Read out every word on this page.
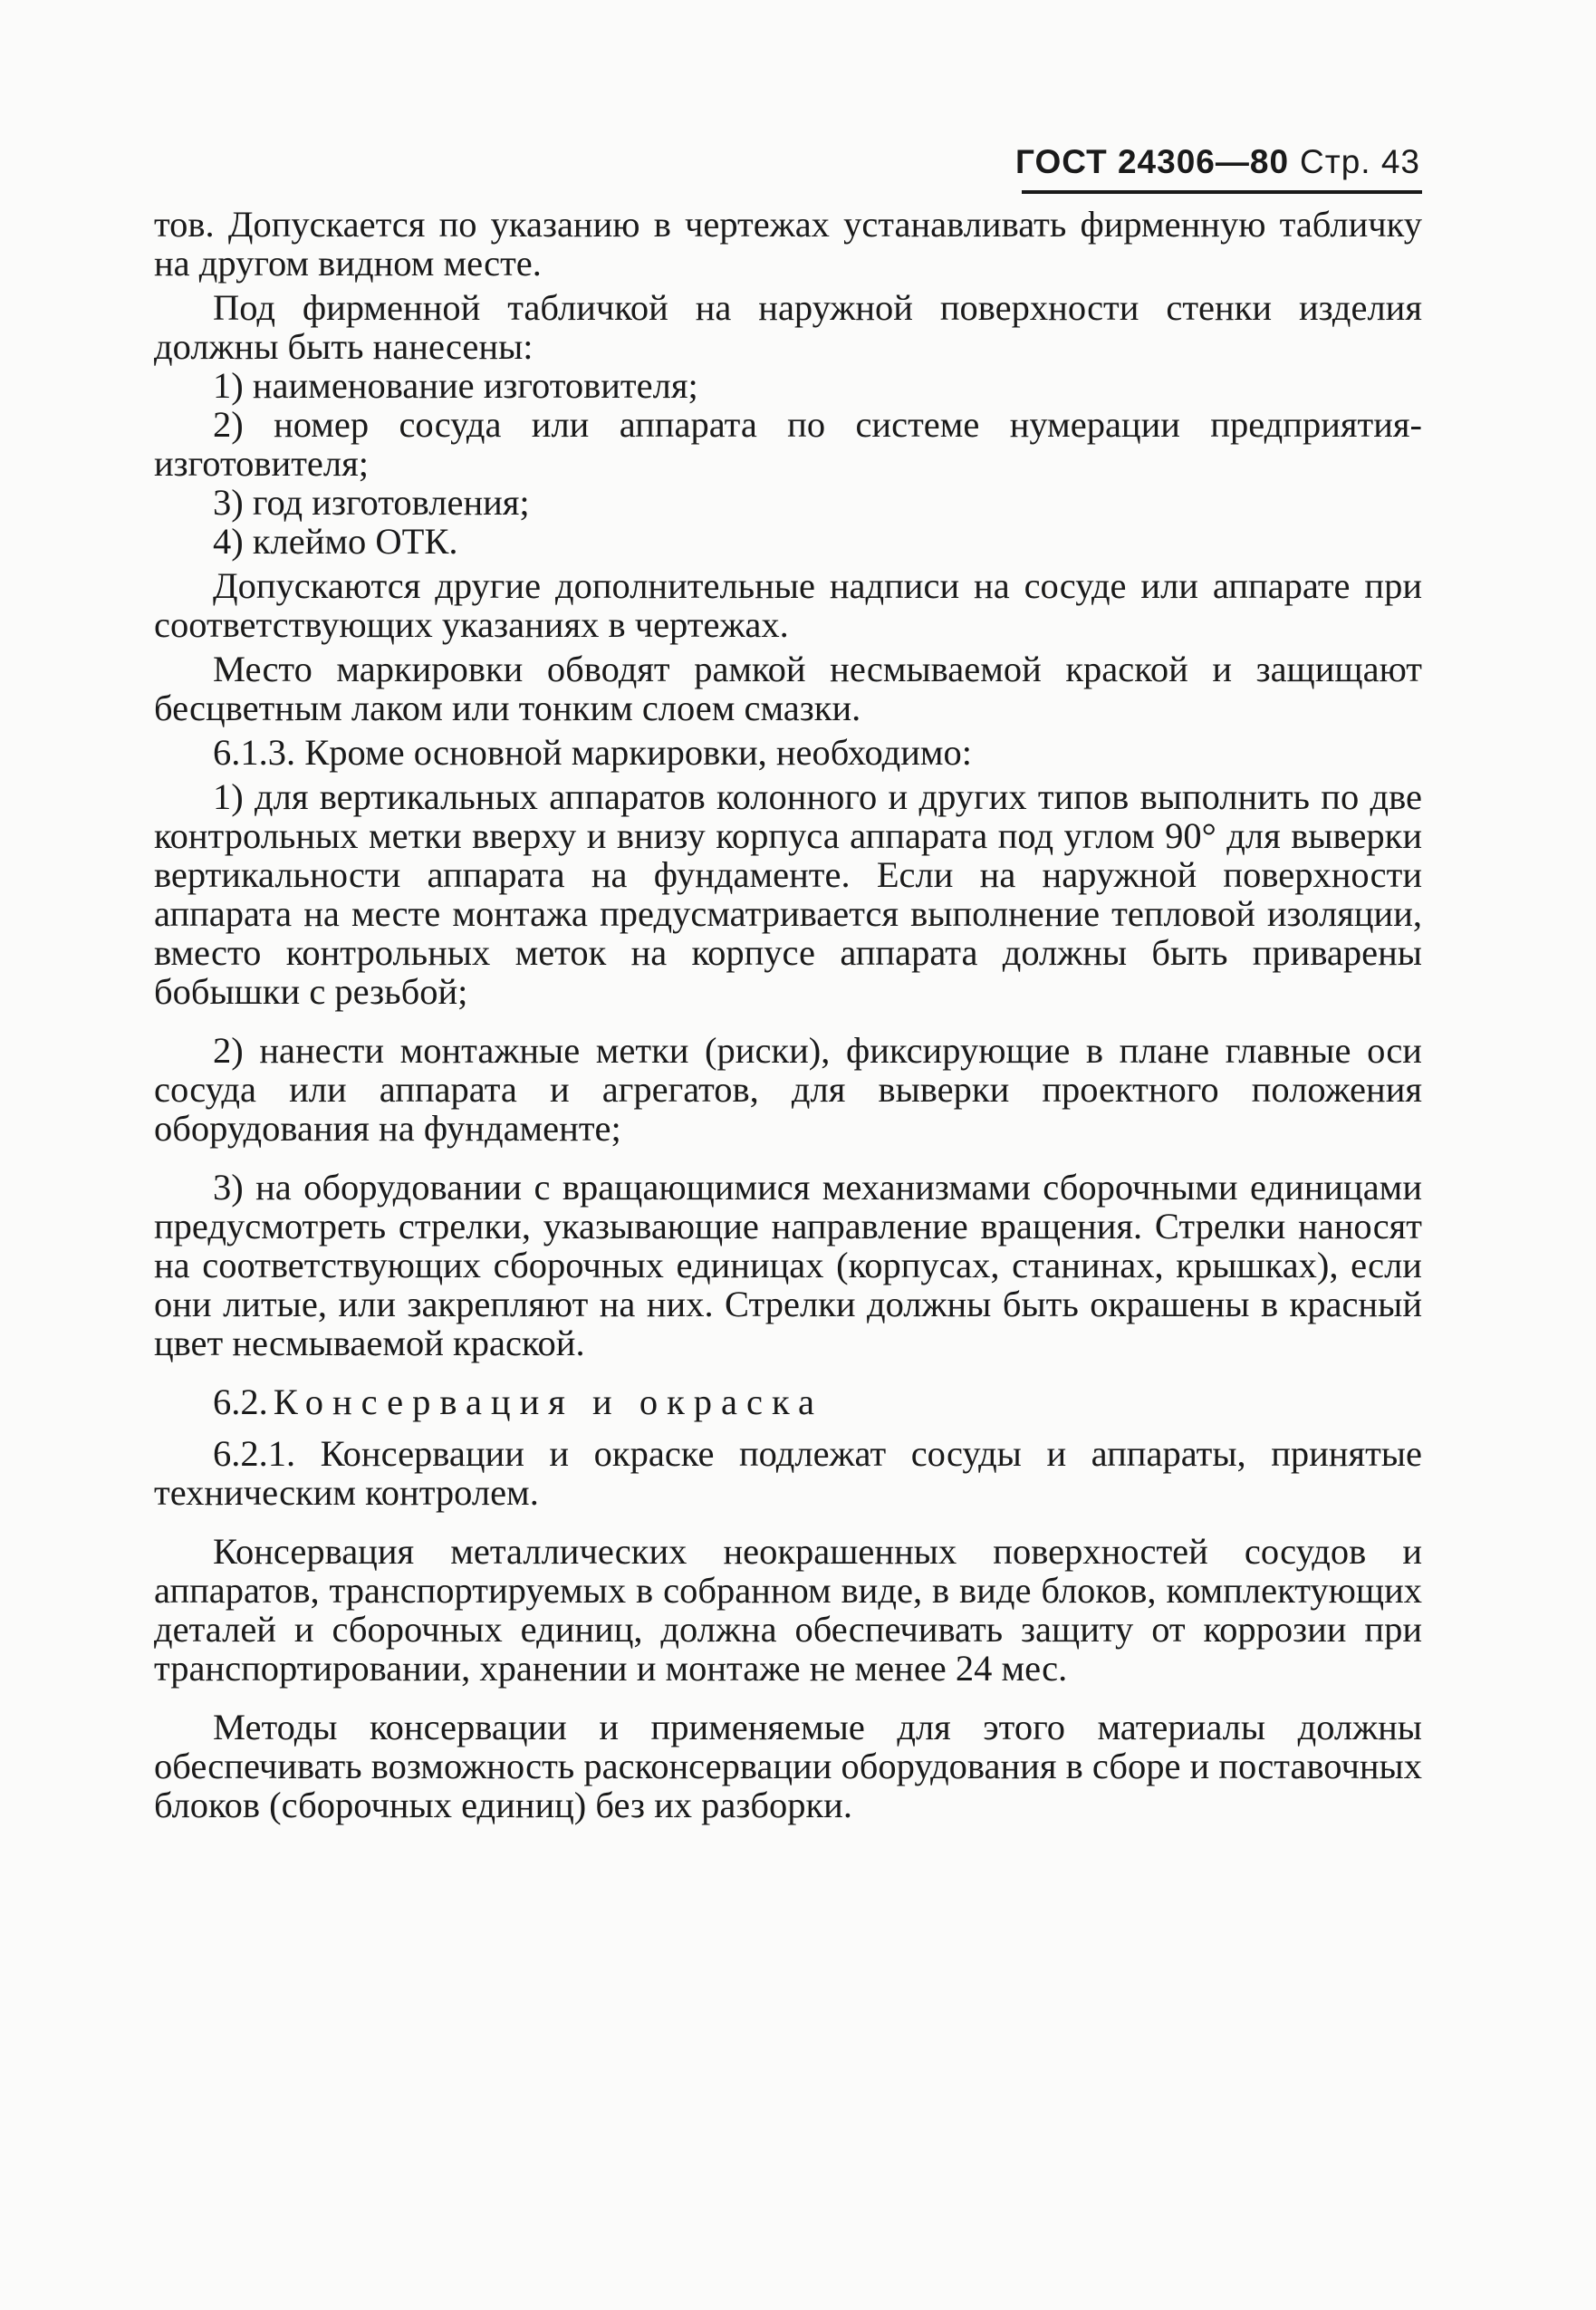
ГОСТ 24306—80 Стр. 43

тов. Допускается по указанию в чертежах устанавливать фирменную табличку на другом видном месте.

Под фирменной табличкой на наружной поверхности стенки изделия должны быть нанесены:

1) наименование изготовителя;

2) номер сосуда или аппарата по системе нумерации предприятия-изготовителя;

3) год изготовления;

4) клеймо ОТК.

Допускаются другие дополнительные надписи на сосуде или аппарате при соответствующих указаниях в чертежах.

Место маркировки обводят рамкой несмываемой краской и защищают бесцветным лаком или тонким слоем смазки.

6.1.3. Кроме основной маркировки, необходимо:

1) для вертикальных аппаратов колонного и других типов выполнить по две контрольных метки вверху и внизу корпуса аппарата под углом 90° для выверки вертикальности аппарата на фундаменте. Если на наружной поверхности аппарата на месте монтажа предусматривается выполнение тепловой изоляции, вместо контрольных меток на корпусе аппарата должны быть приварены бобышки с резьбой;

2) нанести монтажные метки (риски), фиксирующие в плане главные оси сосуда или аппарата и агрегатов, для выверки проектного положения оборудования на фундаменте;

3) на оборудовании с вращающимися механизмами сборочными единицами предусмотреть стрелки, указывающие направление вращения. Стрелки наносят на соответствующих сборочных единицах (корпусах, станинах, крышках), если они литые, или закрепляют на них. Стрелки должны быть окрашены в красный цвет несмываемой краской.

6.2. Консервация и окраска

6.2.1. Консервации и окраске подлежат сосуды и аппараты, принятые техническим контролем.

Консервация металлических неокрашенных поверхностей сосудов и аппаратов, транспортируемых в собранном виде, в виде блоков, комплектующих деталей и сборочных единиц, должна обеспечивать защиту от коррозии при транспортировании, хранении и монтаже не менее 24 мес.

Методы консервации и применяемые для этого материалы должны обеспечивать возможность расконсервации оборудования в сборе и поставочных блоков (сборочных единиц) без их разборки.
